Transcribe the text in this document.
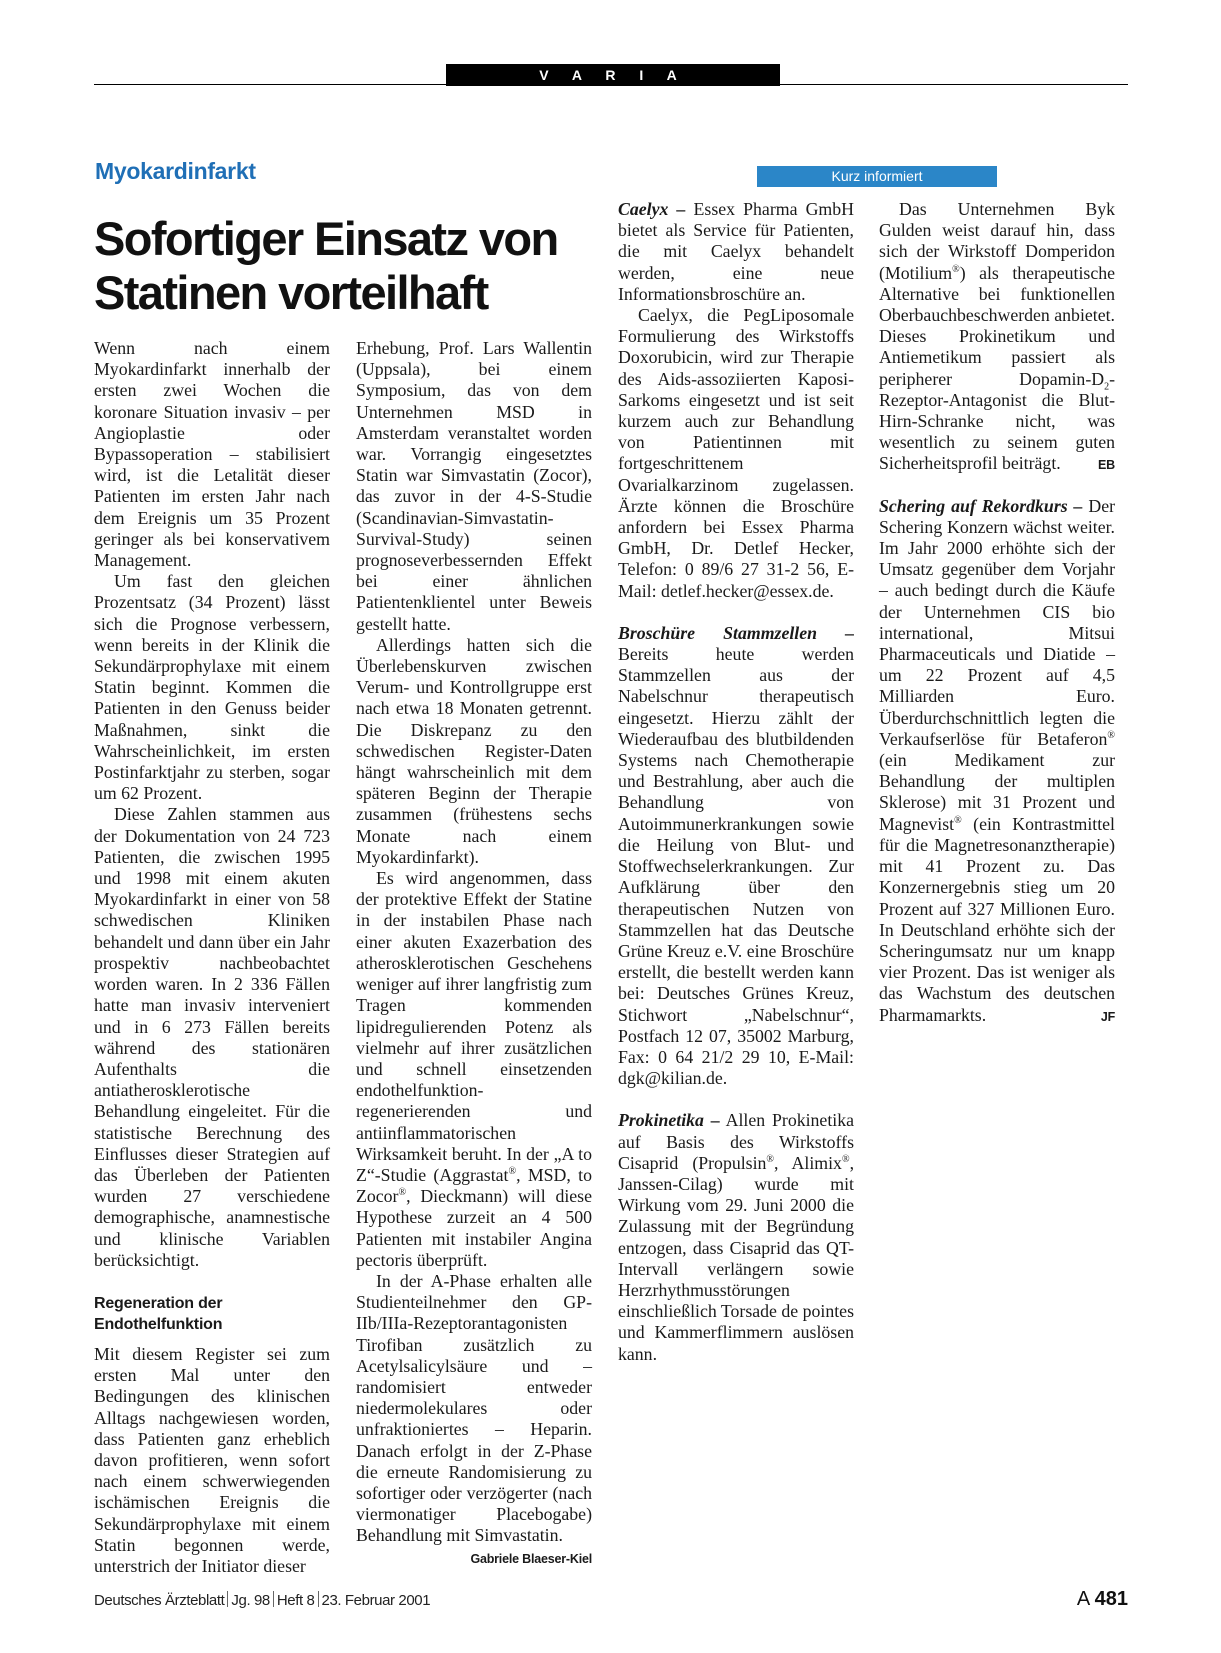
V A R I A
Myokardinfarkt
Sofortiger Einsatz von
Statinen vorteilhaft
Kurz informiert

Wenn nach einem Myokardinfarkt innerhalb der ersten zwei Wochen die koronare Situation invasiv – per Angioplastie oder Bypassoperation – stabilisiert wird, ist die Letalität dieser Patienten im ersten Jahr nach dem Ereignis um 35 Prozent geringer als bei konservativem Management.

Um fast den gleichen Prozentsatz (34 Prozent) lässt sich die Prognose verbessern, wenn bereits in der Klinik die Sekundärprophylaxe mit einem Statin beginnt. Kommen die Patienten in den Genuss beider Maßnahmen, sinkt die Wahrscheinlichkeit, im ersten Postinfarktjahr zu sterben, sogar um 62 Prozent.

Diese Zahlen stammen aus der Dokumentation von 24 723 Patienten, die zwischen 1995 und 1998 mit einem akuten Myokardinfarkt in einer von 58 schwedischen Kliniken behandelt und dann über ein Jahr prospektiv nachbeobachtet worden waren. In 2 336 Fällen hatte man invasiv interveniert und in 6 273 Fällen bereits während des stationären Aufenthalts die antiatherosklerotische Behandlung eingeleitet. Für die statistische Berechnung des Einflusses dieser Strategien auf das Überleben der Patienten wurden 27 verschiedene demographische, anamnestische und klinische Variablen berücksichtigt.

Regeneration der
Endothelfunktion

Mit diesem Register sei zum ersten Mal unter den Bedingungen des klinischen Alltags nachgewiesen worden, dass Patienten ganz erheblich davon profitieren, wenn sofort nach einem schwerwiegenden ischämischen Ereignis die Sekundärprophylaxe mit einem Statin begonnen werde, unterstrich der Initiator dieser

Erhebung, Prof. Lars Wallentin (Uppsala), bei einem Symposium, das von dem Unternehmen MSD in Amsterdam veranstaltet worden war. Vorrangig eingesetztes Statin war Simvastatin (Zocor), das zuvor in der 4-S-Studie (Scandinavian-Simvastatin-Survival-Study) seinen prognoseverbessernden Effekt bei einer ähnlichen Patientenklientel unter Beweis gestellt hatte.

Allerdings hatten sich die Überlebenskurven zwischen Verum- und Kontrollgruppe erst nach etwa 18 Monaten getrennt. Die Diskrepanz zu den schwedischen Register-Daten hängt wahrscheinlich mit dem späteren Beginn der Therapie zusammen (frühestens sechs Monate nach einem Myokardinfarkt).

Es wird angenommen, dass der protektive Effekt der Statine in der instabilen Phase nach einer akuten Exazerbation des atherosklerotischen Geschehens weniger auf ihrer langfristig zum Tragen kommenden lipidregulierenden Potenz als vielmehr auf ihrer zusätzlichen und schnell einsetzenden endothelfunktion-regenerierenden und antiinflammatorischen Wirksamkeit beruht. In der „A to Z“-Studie (Aggrastat®, MSD, to Zocor®, Dieckmann) will diese Hypothese zurzeit an 4 500 Patienten mit instabiler Angina pectoris überprüft.

In der A-Phase erhalten alle Studienteilnehmer den GP-IIb/IIIa-Rezeptorantagonisten Tirofiban zusätzlich zu Acetylsalicylsäure und – randomisiert entweder niedermolekulares oder unfraktioniertes – Heparin. Danach erfolgt in der Z-Phase die erneute Randomisierung zu sofortiger oder verzögerter (nach viermonatiger Placebogabe) Behandlung mit Simvastatin.
Gabriele Blaeser-Kiel

Caelyx – Essex Pharma GmbH bietet als Service für Patienten, die mit Caelyx behandelt werden, eine neue Informationsbroschüre an.

Caelyx, die PegLiposomale Formulierung des Wirkstoffs Doxorubicin, wird zur Therapie des Aids-assoziierten Kaposi-Sarkoms eingesetzt und ist seit kurzem auch zur Behandlung von Patientinnen mit fortgeschrittenem Ovarialkarzinom zugelassen. Ärzte können die Broschüre anfordern bei Essex Pharma GmbH, Dr. Detlef Hecker, Telefon: 0 89/6 27 31-2 56, E-Mail: detlef.hecker@essex.de.

Broschüre Stammzellen – Bereits heute werden Stammzellen aus der Nabelschnur therapeutisch eingesetzt. Hierzu zählt der Wiederaufbau des blutbildenden Systems nach Chemotherapie und Bestrahlung, aber auch die Behandlung von Autoimmunerkrankungen sowie die Heilung von Blut- und Stoffwechselerkrankungen. Zur Aufklärung über den therapeutischen Nutzen von Stammzellen hat das Deutsche Grüne Kreuz e.V. eine Broschüre erstellt, die bestellt werden kann bei: Deutsches Grünes Kreuz, Stichwort „Nabelschnur“, Postfach 12 07, 35002 Marburg, Fax: 0 64 21/2 29 10, E-Mail: dgk@kilian.de.

Prokinetika – Allen Prokinetika auf Basis des Wirkstoffs Cisaprid (Propulsin®, Alimix®, Janssen-Cilag) wurde mit Wirkung vom 29. Juni 2000 die Zulassung mit der Begründung entzogen, dass Cisaprid das QT-Intervall verlängern sowie Herzrhythmusstörungen einschließlich Torsade de pointes und Kammerflimmern auslösen kann.

Das Unternehmen Byk Gulden weist darauf hin, dass sich der Wirkstoff Domperidon (Motilium®) als therapeutische Alternative bei funktionellen Oberbauchbeschwerden anbietet. Dieses Prokinetikum und Antiemetikum passiert als peripherer Dopamin-$D_2-Rezeptor$-Antagonist die Blut-Hirn-Schranke nicht, was wesentlich zu seinem guten Sicherheitsprofil beiträgt.	EB

Schering auf Rekordkurs – Der Schering Konzern wächst weiter. Im Jahr 2000 erhöhte sich der Umsatz gegenüber dem Vorjahr – auch bedingt durch die Käufe der Unternehmen CIS bio international, Mitsui Pharmaceuticals und Diatide – um 22 Prozent auf 4,5 Milliarden Euro. Überdurchschnittlich legten die Verkaufserlöse für Betaferon® (ein Medikament zur Behandlung der multiplen Sklerose) mit 31 Prozent und Magnevist® (ein Kontrastmittel für die Magnetresonanztherapie) mit 41 Prozent zu. Das Konzernergebnis stieg um 20 Prozent auf 327 Millionen Euro. In Deutschland erhöhte sich der Scheringumsatz nur um knapp vier Prozent. Das ist weniger als das Wachstum des deutschen Pharmamarkts.	JF

Deutsches Ärzteblatt Jg. 98 Heft 8 23. Februar 2001	A 481
